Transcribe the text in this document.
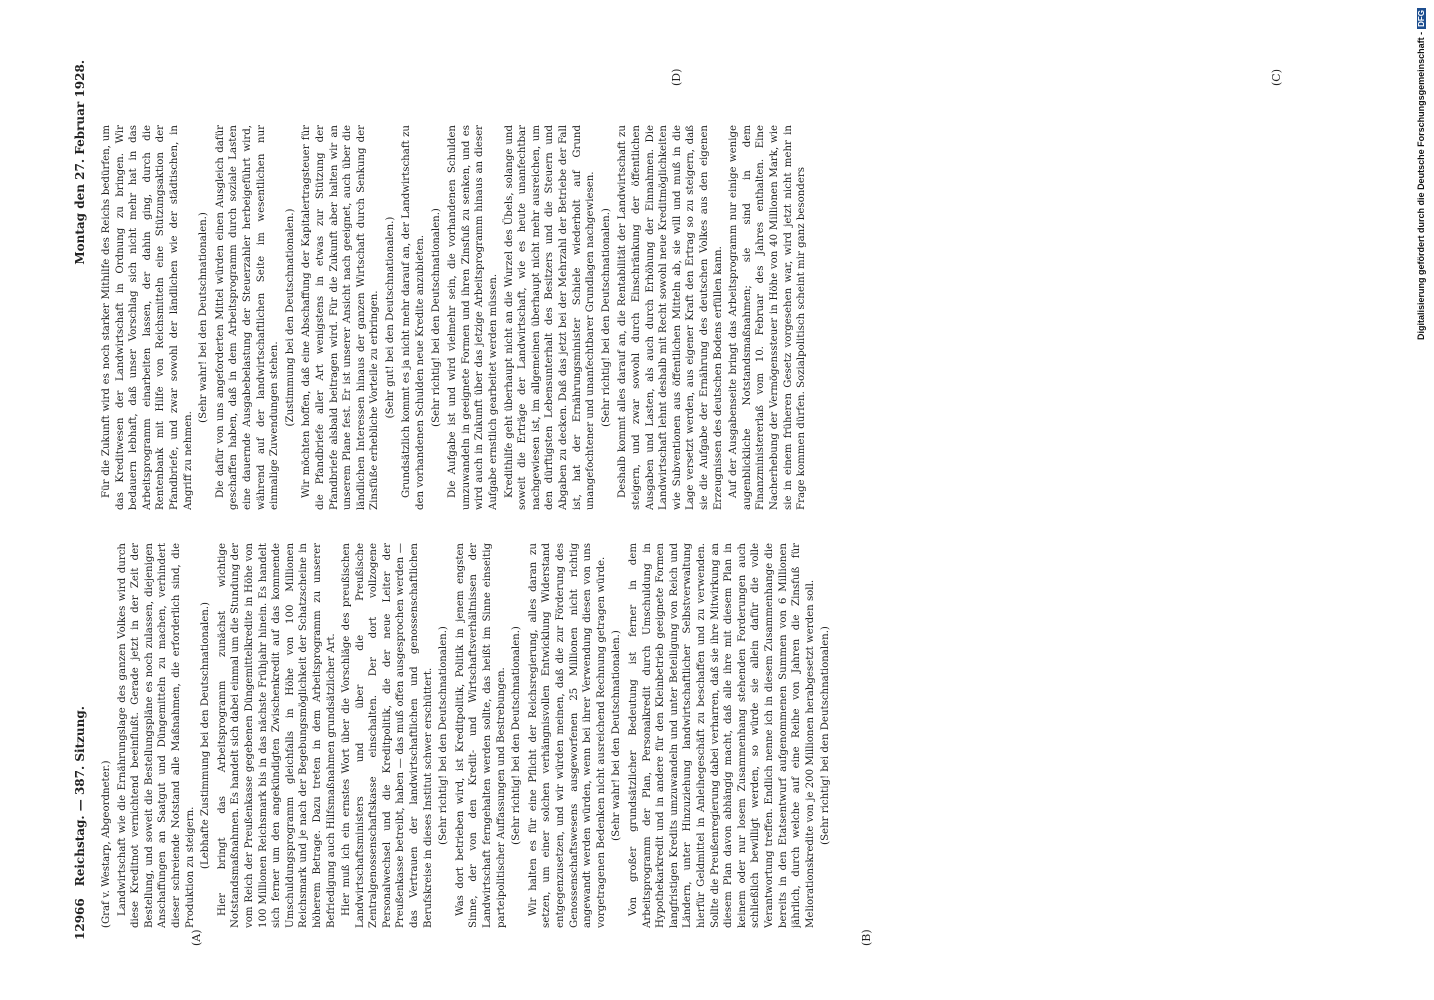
12966
Reichstag. — 387. Sitzung.
Montag den 27. Februar 1928.
(A)	(B)
(C)
(D)

(Graf v. Westarp, Abgeordneter.) Landwirtschaft wie die Ernährungslage des ganzen Volkes wird durch diese Kreditnot vernichtend beeinflußt. Gerade jetzt in der Zeit der Bestellung, und soweit die Bestellungspläne es noch zulassen, diejenigen Anschaffungen an Saatgut und Düngemitteln zu machen, verhindert dieser schreiende Notstand alle Maßnahmen, die erforderlich sind, die Produktion zu steigern. (Lebhafte Zustimmung bei den Deutschnationalen.) Hier bringt das Arbeitsprogramm zunächst wichtige Notstandsmaßnahmen. Es handelt sich dabei einmal um die Stundung der vom Reich der Preußenkasse gegebenen Düngemittelkredite in Höhe von 100 Millionen Reichsmark bis in das nächste Frühjahr hinein. Es handelt sich ferner um den angekündigten Zwischenkredit auf das kommende Umschuldungsprogramm gleichfalls in Höhe von 100 Millionen Reichsmark und je nach der Begebungsmöglichkeit der Schatzscheine in höherem Betrage. Dazu treten in dem Arbeitsprogramm zu unserer Befriedigung auch Hilfsmaßnahmen grundsätzlicher Art. Hier muß ich ein ernstes Wort über die Vorschläge des preußischen Landwirtschaftsministers und über die Preußische Zentralgenossenschaftskasse einschalten. Der dort vollzogene Personalwechsel und die Kreditpolitik, die der neue Leiter der Preußenkasse betreibt, haben — das muß offen ausgesprochen werden — das Vertrauen der landwirtschaftlichen und genossenschaftlichen Berufskreise in dieses Institut schwer erschüttert. (Sehr richtig! bei den Deutschnationalen.) Was dort betrieben wird, ist Kreditpolitik, Politik in jenem engsten Sinne, der von den Kredit- und Wirtschaftsverhältnissen der Landwirtschaft ferngehalten werden sollte, das heißt im Sinne einseitig parteipolitischer Auffassungen und Bestrebungen. (Sehr richtig! bei den Deutschnationalen.) Wir halten es für eine Pflicht der Reichsregierung, alles daran zu setzen, um einer solchen verhängnisvollen Entwicklung Widerstand entgegenzusetzen, und wir würden meinen, daß die zur Förderung des Genossenschaftswesens ausgeworfenen 25 Millionen nicht richtig angewandt werden würden, wenn bei ihrer Verwendung diesen von uns vorgetragenen Bedenken nicht ausreichend Rechnung getragen würde. (Sehr wahr! bei den Deutschnationalen.) Von großer grundsätzlicher Bedeutung ist ferner in dem Arbeitsprogramm der Plan, Personalkredit durch Umschuldung in Hypothekarkredit und in andere für den Kleinbetrieb geeignete Formen langfristigen Kredits umzuwandeln und unter Beteiligung von Reich und Ländern, unter Hinzuziehung landwirtschaftlicher Selbstverwaltung hierfür Geldmittel in Anleihegeschäft zu beschaffen und zu verwenden. Sollte die Preußenregierung dabei verharren, daß sie ihre Mitwirkung an diesem Plan davon abhängig macht, daß alle ihre mit diesem Plan in keinem oder nur losem Zusammenhang stehenden Forderungen auch schließlich bewilligt werden, so würde sie allein dafür die volle Verantwortung treffen. Endlich nenne ich in diesem Zusammenhange die bereits in den Etatsentwurf aufgenommenen Summen von 6 Millionen jährlich, durch welche auf eine Reihe von Jahren die Zinsfuß für Meliorationskredite von je 200 Millionen herabgesetzt werden soll. (Sehr richtig! bei den Deutschnationalen.)

Für die Zukunft wird es noch starker Mithilfe des Reichs bedürfen, um das Kreditwesen der Landwirtschaft in Ordnung zu bringen. Wir bedauern lebhaft, daß unser Vorschlag sich nicht mehr hat in das Arbeitsprogramm einarbeiten lassen, der dahin ging, durch die Rentenbank mit Hilfe von Reichsmitteln eine Stützungsaktion der Pfandbriefe, und zwar sowohl der ländlichen wie der städtischen, in Angriff zu nehmen.

(Sehr wahr! bei den Deutschnationalen.) Die dafür von uns angeforderten Mittel würden einen Ausgleich dafür geschaffen haben, daß in dem Arbeitsprogramm durch soziale Lasten eine dauernde Ausgabebelastung der Steuerzahler herbeigeführt wird, während auf der landwirtschaftlichen Seite im wesentlichen nur einmalige Zuwendungen stehen. (Zustimmung bei den Deutschnationalen.) Wir möchten hoffen, daß eine Abschaffung der Kapitalertragsteuer für die Pfandbriefe aller Art wenigstens in etwas zur Stützung der Pfandbriefe alsbald beitragen wird. Für die Zukunft aber halten wir an unserem Plane fest. Er ist unserer Ansicht nach geeignet, auch über die ländlichen Interessen hinaus der ganzen Wirtschaft durch Senkung der Zinsfüße erhebliche Vorteile zu erbringen. (Sehr gut! bei den Deutschnationalen.) Grundsätzlich kommt es ja nicht mehr darauf an, der Landwirtschaft zu den vorhandenen Schulden neue Kredite anzubieten. (Sehr richtig! bei den Deutschnationalen.) Die Aufgabe ist und wird vielmehr sein, die vorhandenen Schulden umzuwandeln in geeignete Formen und ihren Zinsfuß zu senken, und es wird auch in Zukunft über das jetzige Arbeitsprogramm hinaus an dieser Aufgabe ernstlich gearbeitet werden müssen. Kredithilfe geht überhaupt nicht an die Wurzel des Übels, solange und soweit die Erträge der Landwirtschaft, wie es heute unanfechtbar nachgewiesen ist, im allgemeinen überhaupt nicht mehr ausreichen, um den dürftigsten Lebensunterhalt des Besitzers und die Steuern und Abgaben zu decken. Daß das jetzt bei der Mehrzahl der Betriebe der Fall ist, hat der Ernährungsminister Schiele wiederholt auf Grund unangefochtener und unanfechtbarer Grundlagen nachgewiesen. (Sehr richtig! bei den Deutschnationalen.) Deshalb kommt alles darauf an, die Rentabilität der Landwirtschaft zu steigern, und zwar sowohl durch Einschränkung der öffentlichen Ausgaben und Lasten, als auch durch Erhöhung der Einnahmen. Die Landwirtschaft lehnt deshalb mit Recht sowohl neue Kreditmöglichkeiten wie Subventionen aus öffentlichen Mitteln ab, sie will und muß in die Lage versetzt werden, aus eigener Kraft den Ertrag so zu steigern, daß sie die Aufgabe der Ernährung des deutschen Volkes aus den eigenen Erzeugnissen des deutschen Bodens erfüllen kann. Auf der Ausgabenseite bringt das Arbeitsprogramm nur einige wenige augenblickliche Notstandsmaßnahmen; sie sind in dem Finanzministererlaß vom 10. Februar des Jahres enthalten. Eine Nacherhebung der Vermögenssteuer in Höhe von 40 Millionen Mark, wie sie in einem früheren Gesetz vorgesehen war, wird jetzt nicht mehr in Frage kommen dürfen. Sozialpolitisch scheint mir ganz besonders	Digitalisierung gefördert durch die Deutsche Forschungsgemeinschaft -
DFG
